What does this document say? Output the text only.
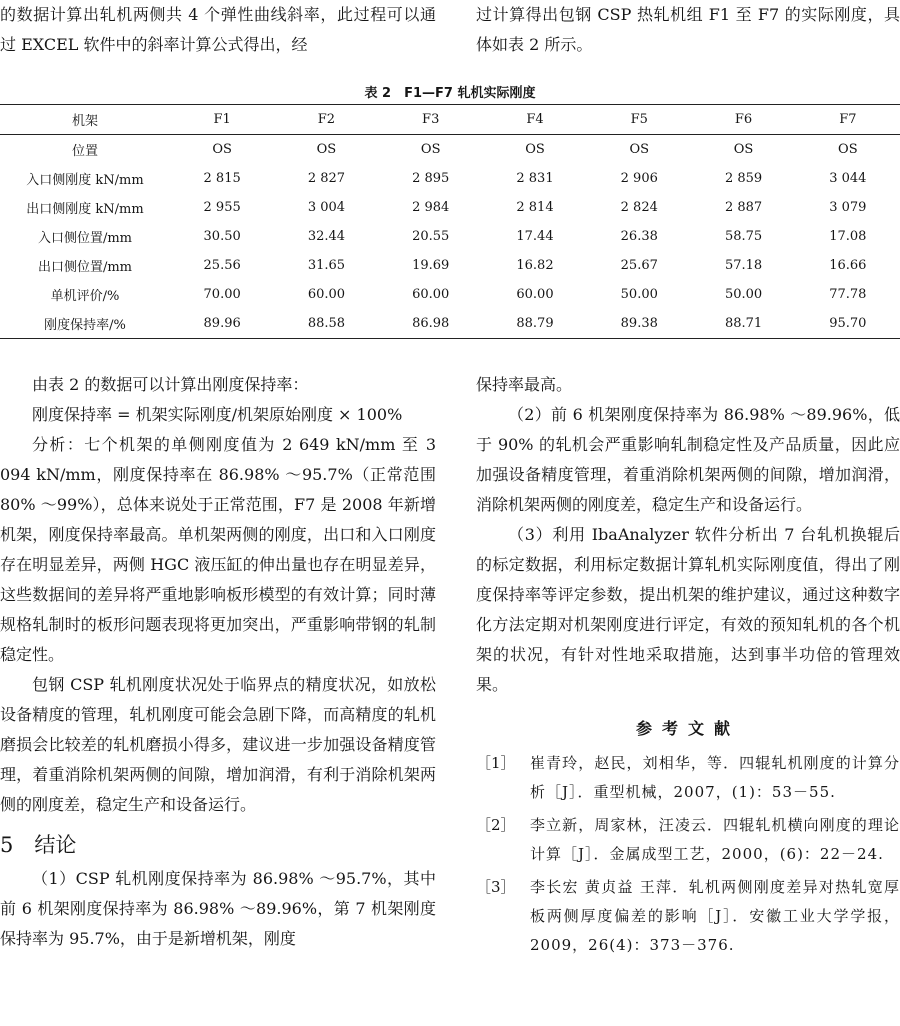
的数据计算出轧机两侧共 4 个弹性曲线斜率，此过程可以通过 EXCEL 软件中的斜率计算公式得出，经

过计算得出包钢 CSP 热轧机组 F1 至 F7 的实际刚度，具体如表 2 所示。

表 2　F1—F7 轧机实际刚度
机架	F1	F2	F3	F4	F5	F6	F7
位置	OS	OS	OS	OS	OS	OS	OS
入口侧刚度 kN/mm	2 815	2 827	2 895	2 831	2 906	2 859	3 044
出口侧刚度 kN/mm	2 955	3 004	2 984	2 814	2 824	2 887	3 079
入口侧位置/mm	30.50	32.44	20.55	17.44	26.38	58.75	17.08
出口侧位置/mm	25.56	31.65	19.69	16.82	25.67	57.18	16.66
单机评价/%	70.00	60.00	60.00	60.00	50.00	50.00	77.78
刚度保持率/%	89.96	88.58	86.98	88.79	89.38	88.71	95.70

由表 2 的数据可以计算出刚度保持率：

刚度保持率 = 机架实际刚度/机架原始刚度 × 100%

分析：七个机架的单侧刚度值为 2 649 kN/mm 至 3 094 kN/mm，刚度保持率在 86.98% ～95.7%（正常范围 80% ～99%），总体来说处于正常范围，F7 是 2008 年新增机架，刚度保持率最高。单机架两侧的刚度，出口和入口刚度存在明显差异，两侧 HGC 液压缸的伸出量也存在明显差异，这些数据间的差异将严重地影响板形模型的有效计算；同时薄规格轧制时的板形问题表现将更加突出，严重影响带钢的轧制稳定性。

包钢 CSP 轧机刚度状况处于临界点的精度状况，如放松设备精度的管理，轧机刚度可能会急剧下降，而高精度的轧机磨损会比较差的轧机磨损小得多，建议进一步加强设备精度管理，着重消除机架两侧的间隙，增加润滑，有利于消除机架两侧的刚度差，稳定生产和设备运行。

5　结论

（1）CSP 轧机刚度保持率为 86.98% ～95.7%，其中前 6 机架刚度保持率为 86.98% ～89.96%，第 7 机架刚度保持率为 95.7%，由于是新增机架，刚度

保持率最高。

（2）前 6 机架刚度保持率为 86.98% ～89.96%，低于 90% 的轧机会严重影响轧制稳定性及产品质量，因此应加强设备精度管理，着重消除机架两侧的间隙，增加润滑，消除机架两侧的刚度差，稳定生产和设备运行。

（3）利用 IbaAnalyzer 软件分析出 7 台轧机换辊后的标定数据，利用标定数据计算轧机实际刚度值，得出了刚度保持率等评定参数，提出机架的维护建议，通过这种数字化方法定期对机架刚度进行评定，有效的预知轧机的各个机架的状况，有针对性地采取措施，达到事半功倍的管理效果。

参考文献
［1］ 崔青玲，赵民，刘相华，等．四辊轧机刚度的计算分析［J］．重型机械，2007，(1)：53－55.
［2］ 李立新，周家林，汪凌云．四辊轧机横向刚度的理论计算［J］．金属成型工艺，2000，(6)：22－24.
［3］ 李长宏 黄贞益 王萍．轧机两侧刚度差异对热轧宽厚板两侧厚度偏差的影响［J］．安徽工业大学学报，2009，26(4)：373－376.
